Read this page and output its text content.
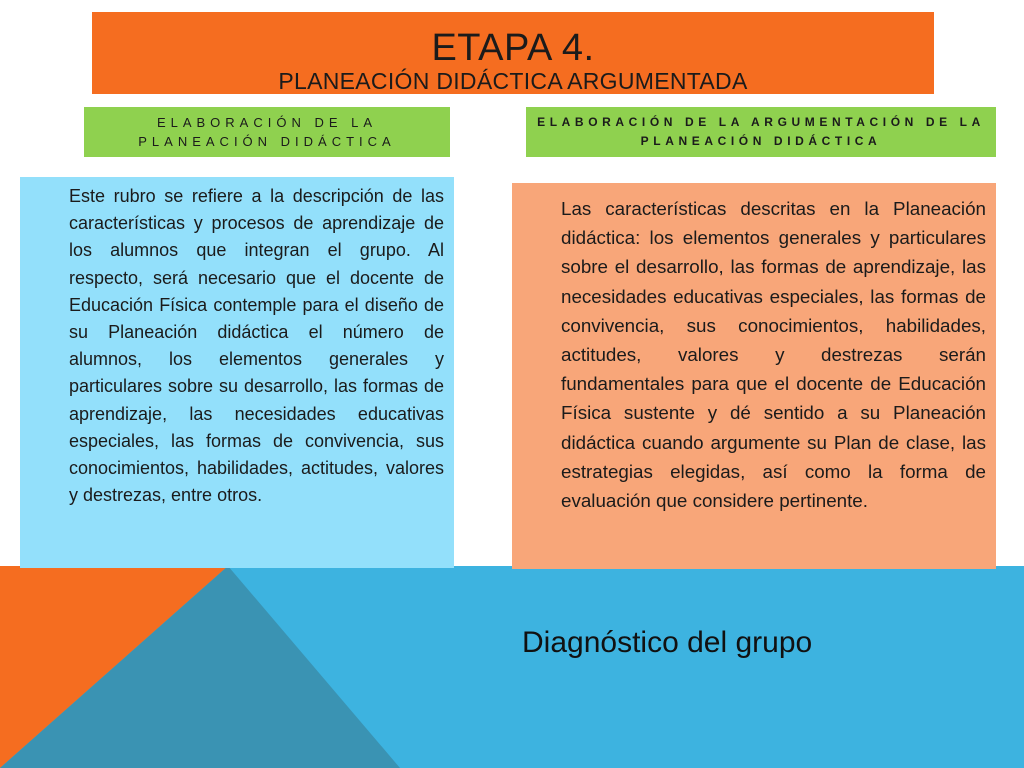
ETAPA 4.
PLANEACIÓN DIDÁCTICA ARGUMENTADA
ELABORACIÓN DE LA PLANEACIÓN DIDÁCTICA
ELABORACIÓN DE LA ARGUMENTACIÓN DE LA PLANEACIÓN DIDÁCTICA

Este rubro se refiere a la descripción de las características y procesos de aprendizaje de los alumnos que integran el grupo. Al respecto, será necesario que el docente de Educación Física contemple para el diseño de su Planeación didáctica el número de alumnos, los elementos generales y particulares sobre su desarrollo, las formas de aprendizaje, las necesidades educativas especiales, las formas de convivencia, sus conocimientos, habilidades, actitudes, valores y destrezas, entre otros.

Las características descritas en la Planeación didáctica: los elementos generales y particulares sobre el desarrollo, las formas de aprendizaje, las necesidades educativas especiales, las formas de convivencia, sus conocimientos, habilidades, actitudes, valores y destrezas serán fundamentales para que el docente de Educación Física sustente y dé sentido a su Planeación didáctica cuando argumente su Plan de clase, las estrategias elegidas, así como la forma de evaluación que considere pertinente.

Diagnóstico del grupo
